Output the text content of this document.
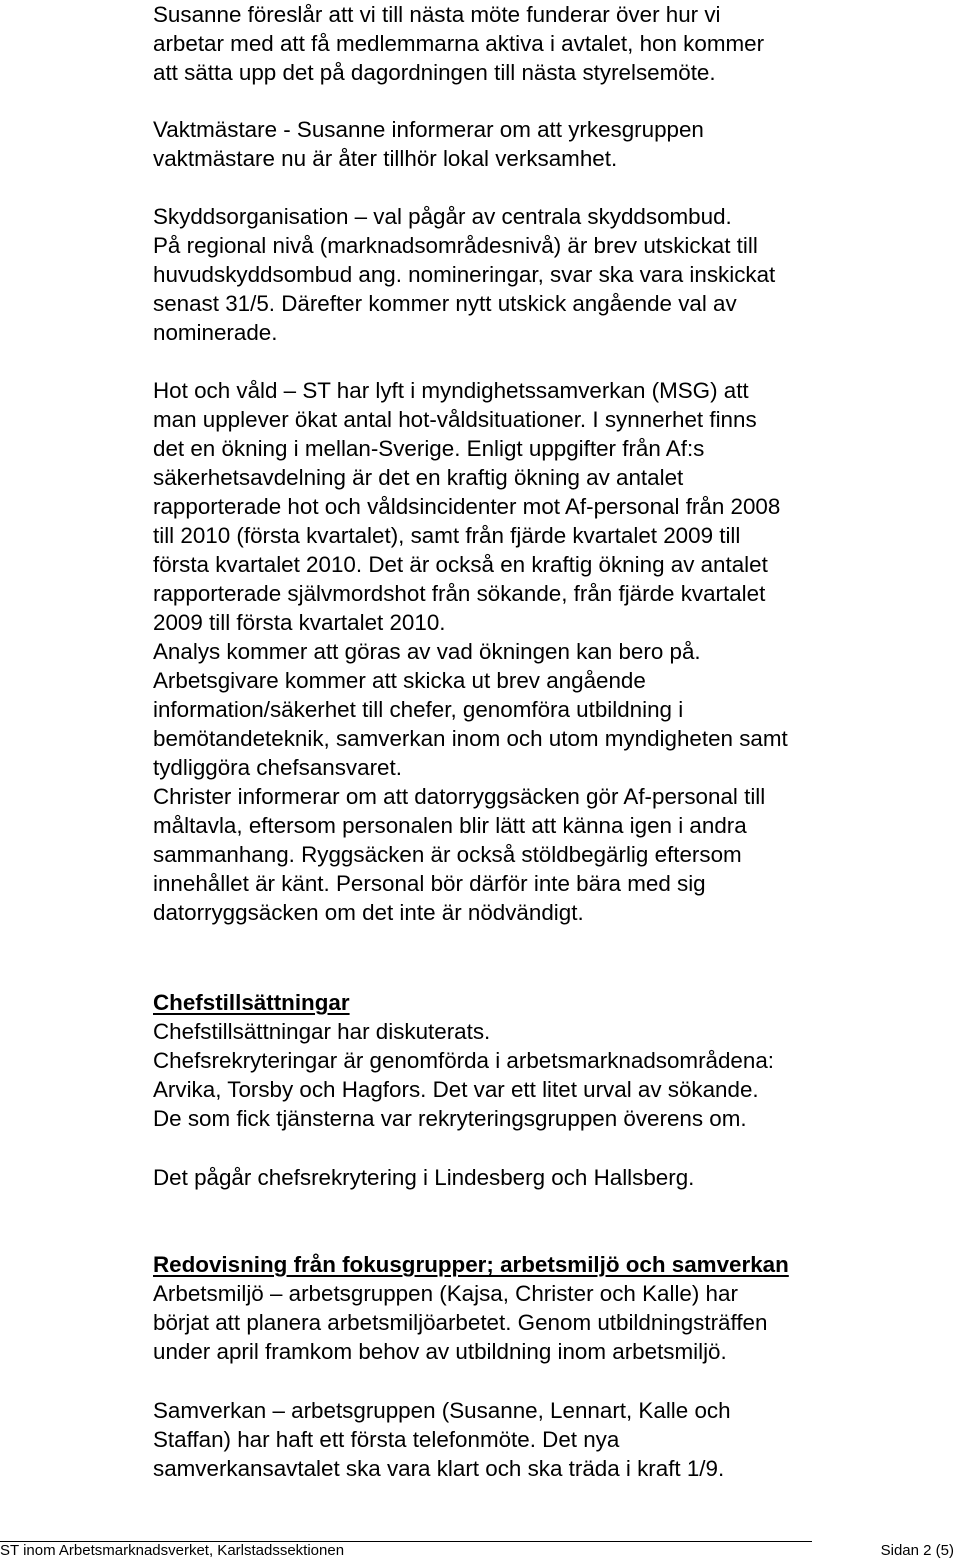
Susanne föreslår att vi till nästa möte funderar över hur vi
arbetar med att få medlemmarna aktiva i avtalet, hon kommer
att sätta upp det på dagordningen till nästa styrelsemöte.

Vaktmästare - Susanne informerar om att yrkesgruppen
vaktmästare nu är åter tillhör lokal verksamhet.

Skyddsorganisation – val pågår av centrala skyddsombud.
På regional nivå (marknadsområdesnivå) är brev utskickat till
huvudskyddsombud ang. nomineringar, svar ska vara inskickat
senast 31/5. Därefter kommer nytt utskick angående val av
nominerade.

Hot och våld – ST har lyft i myndighetssamverkan (MSG) att
man upplever ökat antal hot-våldsituationer. I synnerhet finns
det en ökning i mellan-Sverige. Enligt uppgifter från Af:s
säkerhetsavdelning är det en kraftig ökning av antalet
rapporterade hot och våldsincidenter mot Af-personal från 2008
till 2010 (första kvartalet), samt från fjärde kvartalet 2009 till
första kvartalet 2010. Det är också en kraftig ökning av antalet
rapporterade självmordshot från sökande, från fjärde kvartalet
2009 till första kvartalet 2010.
Analys kommer att göras av vad ökningen kan bero på.
Arbetsgivare kommer att skicka ut brev angående
information/säkerhet till chefer, genomföra utbildning i
bemötandeteknik, samverkan inom och utom myndigheten samt
tydliggöra chefsansvaret.
Christer informerar om att datorryggsäcken gör Af-personal till
måltavla, eftersom personalen blir lätt att känna igen i andra
sammanhang. Ryggsäcken är också stöldbegärlig eftersom
innehållet är känt. Personal bör därför inte bära med sig
datorryggsäcken om det inte är nödvändigt.

Chefstillsättningar

Chefstillsättningar har diskuterats.
Chefsrekryteringar är genomförda i arbetsmarknadsområdena:
Arvika, Torsby och Hagfors. Det var ett litet urval av sökande.
De som fick tjänsterna var rekryteringsgruppen överens om.

Det pågår chefsrekrytering i Lindesberg och Hallsberg.

Redovisning från fokusgrupper; arbetsmiljö och samverkan

Arbetsmiljö – arbetsgruppen (Kajsa, Christer och Kalle) har
börjat att planera arbetsmiljöarbetet. Genom utbildningsträffen
under april framkom behov av utbildning inom arbetsmiljö.

Samverkan – arbetsgruppen (Susanne, Lennart, Kalle och
Staffan) har haft ett första telefonmöte. Det nya
samverkansavtalet ska vara klart och ska träda i kraft 1/9.

ST inom Arbetsmarknadsverket, Karlstadssektionen	Sidan 2 (5)
